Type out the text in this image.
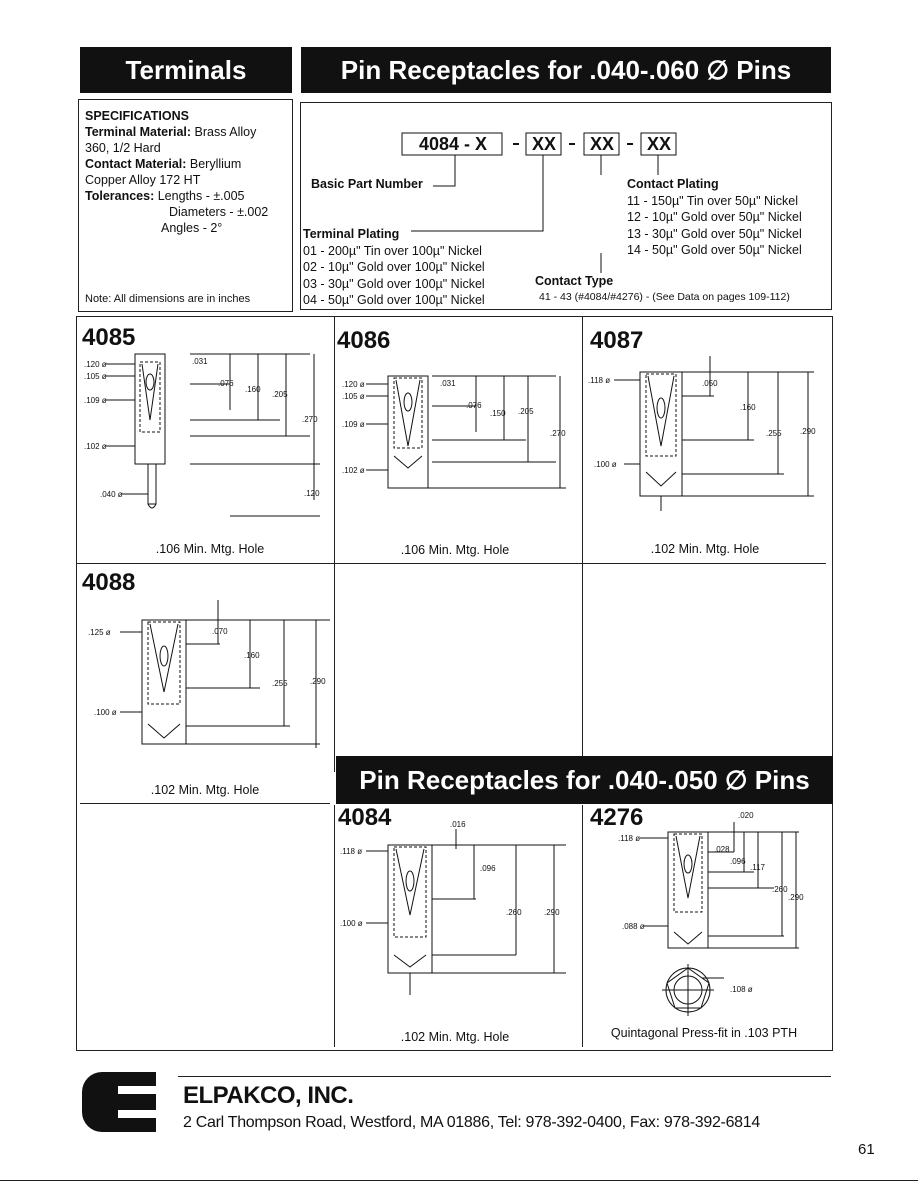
Terminals	Pin Receptacles for .040-.060 ∅ Pins
SPECIFICATIONS
Terminal Material: Brass Alloy
360, 1/2 Hard
Contact Material: Beryllium
Copper Alloy 172 HT
Tolerances: Lengths - ±.005
Diameters - ±.002
Angles - 2°
Note: All dimensions are in inches
4084 - X	XX XX XX
Basic Part Number
Terminal Plating
01 - 200µ" Tin over 100µ" Nickel
02 - 10µ" Gold over 100µ" Nickel
03 - 30µ" Gold over 100µ" Nickel
04 - 50µ" Gold over 100µ" Nickel
Contact Plating
11 - 150µ" Tin over 50µ" Nickel
12 - 10µ" Gold over 50µ" Nickel
13 - 30µ" Gold over 50µ" Nickel
14 - 50µ" Gold over 50µ" Nickel
Contact Type
41 - 43 (#4084/#4276) - (See Data on pages 109-112)
Pin Receptacles for .040-.050 ∅ Pins
4085
.120 ø
.105 ø
.109 ø
.102 ø
.040 ø
.031
.076
.160
.205
.270
.120
.106 Min. Mtg. Hole
4086
.120 ø
.105 ø
.109 ø
.102 ø
.031
.076
.150 .205
.270
.106 Min. Mtg. Hole
4087
.118 ø
.100 ø
.050
.160
.255 .290
.102 Min. Mtg. Hole
4088
.125 ø
.100 ø
.070
.160
.255	.290
.102 Min. Mtg. Hole
4084
.118 ø
.100 ø
.016
.096
.260	.290
.102 Min. Mtg. Hole
4276
.118 ø
.088 ø
.020
.028
.096
.117
.260
.290
.108 ø
Quintagonal Press-fit in .103 PTH
ELPAKCO, INC.
2 Carl Thompson Road, Westford, MA 01886, Tel: 978-392-0400, Fax: 978-392-6814
61
